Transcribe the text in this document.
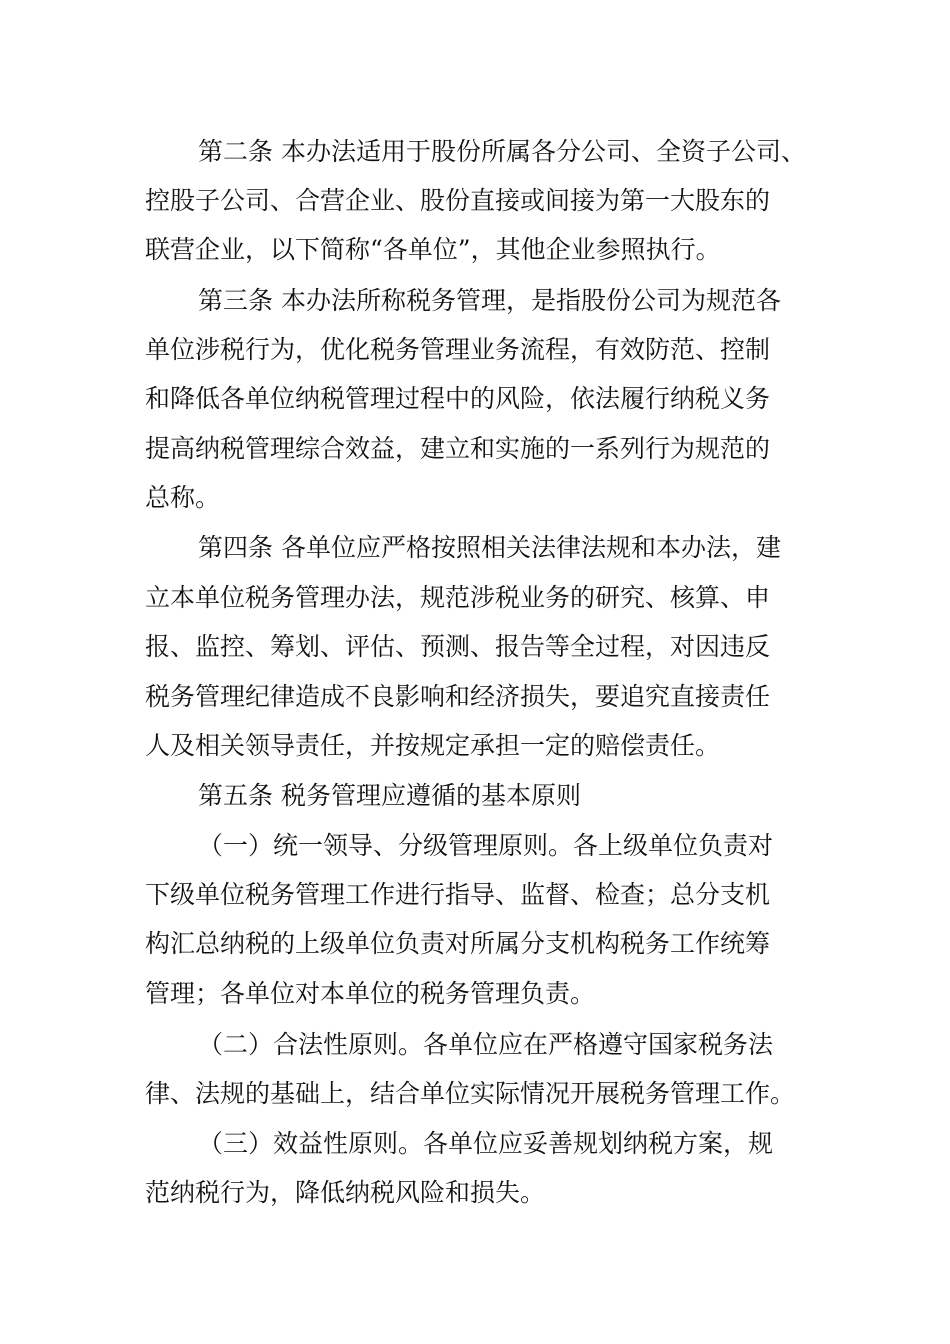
第二条 本办法适用于股份所属各分公司、全资子公司、
控股子公司、合营企业、股份直接或间接为第一大股东的
联营企业，以下简称“各单位”，其他企业参照执行。
第三条 本办法所称税务管理，是指股份公司为规范各
单位涉税行为，优化税务管理业务流程，有效防范、控制
和降低各单位纳税管理过程中的风险，依法履行纳税义务
提高纳税管理综合效益，建立和实施的一系列行为规范的
总称。
第四条 各单位应严格按照相关法律法规和本办法，建
立本单位税务管理办法，规范涉税业务的研究、核算、申
报、监控、筹划、评估、预测、报告等全过程，对因违反
税务管理纪律造成不良影响和经济损失，要追究直接责任
人及相关领导责任，并按规定承担一定的赔偿责任。
第五条 税务管理应遵循的基本原则
（一）统一领导、分级管理原则。各上级单位负责对
下级单位税务管理工作进行指导、监督、检查；总分支机
构汇总纳税的上级单位负责对所属分支机构税务工作统筹
管理；各单位对本单位的税务管理负责。
（二）合法性原则。各单位应在严格遵守国家税务法
律、法规的基础上，结合单位实际情况开展税务管理工作。
（三）效益性原则。各单位应妥善规划纳税方案，规
范纳税行为，降低纳税风险和损失。
